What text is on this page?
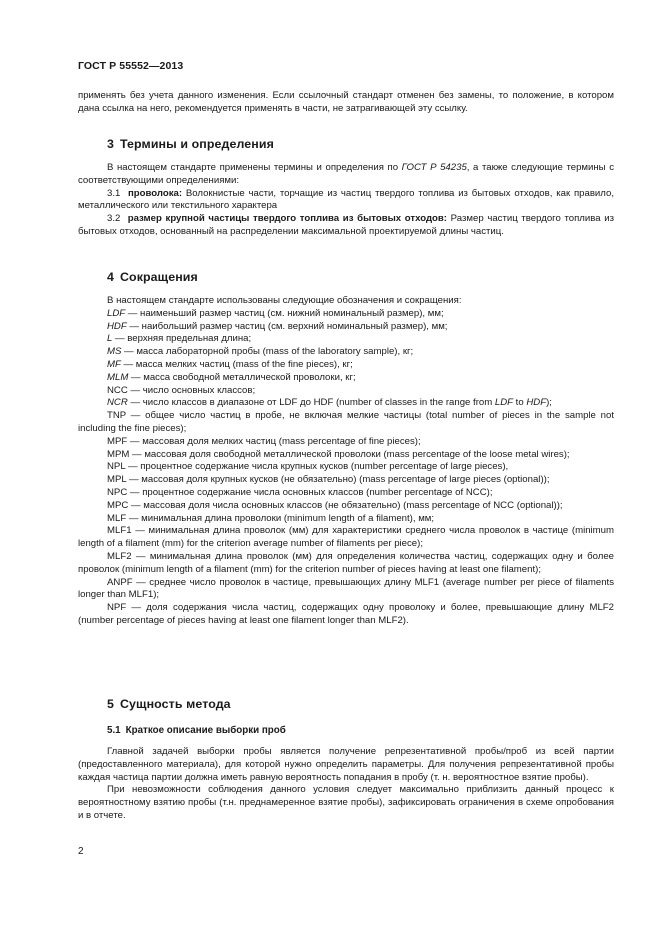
ГОСТ Р 55552—2013

применять без учета данного изменения. Если ссылочный стандарт отменен без замены, то положение, в котором дана ссылка на него, рекомендуется применять в части, не затрагивающей эту ссылку.

3 Термины и определения

В настоящем стандарте применены термины и определения по ГОСТ Р 54235, а также следующие термины с соответствующими определениями:

3.1 проволока: Волокнистые части, торчащие из частиц твердого топлива из бытовых отходов, как правило, металлического или текстильного характера

3.2 размер крупной частицы твердого топлива из бытовых отходов: Размер частиц твердого топлива из бытовых отходов, основанный на распределении максимальной проектируемой длины частиц.

4 Сокращения

В настоящем стандарте использованы следующие обозначения и сокращения:

LDF — наименьший размер частиц (см. нижний номинальный размер), мм;

HDF — наибольший размер частиц (см. верхний номинальный размер), мм;

L — верхняя предельная длина;

MS — масса лабораторной пробы (mass of the laboratory sample), кг;

MF — масса мелких частиц (mass of the fine pieces), кг;

MLM — масса свободной металлической проволоки, кг;

NCC — число основных классов;

NCR — число классов в диапазоне от LDF до HDF (number of classes in the range from LDF to HDF);

TNP — общее число частиц в пробе, не включая мелкие частицы (total number of pieces in the sample not including the fine pieces);

MPF — массовая доля мелких частиц (mass percentage of fine pieces);

MPM — массовая доля свободной металлической проволоки (mass percentage of the loose metal wires);

NPL — процентное содержание числа крупных кусков (number percentage of large pieces),

MPL — массовая доля крупных кусков (не обязательно) (mass percentage of large pieces (optional));

NPC — процентное содержание числа основных классов (number percentage of NCC);

MPC — массовая доля числа основных классов (не обязательно) (mass percentage of NCC (optional));

MLF — минимальная длина проволоки (minimum length of a filament), мм;

MLF1 — минимальная длина проволок (мм) для характеристики среднего числа проволок в частице (minimum length of a filament (mm) for the criterion average number of filaments per piece);

MLF2 — минимальная длина проволок (мм) для определения количества частиц, содержащих одну и более проволок (minimum length of a filament (mm) for the criterion number of pieces having at least one filament);

ANPF — среднее число проволок в частице, превышающих длину MLF1 (average number per piece of filaments longer than MLF1);

NPF — доля содержания числа частиц, содержащих одну проволоку и более, превышающие длину MLF2 (number percentage of pieces having at least one filament longer than MLF2).

5 Сущность метода
5.1 Краткое описание выборки проб

Главной задачей выборки пробы является получение репрезентативной пробы/проб из всей партии (предоставленного материала), для которой нужно определить параметры. Для получения репрезентативной пробы каждая частица партии должна иметь равную вероятность попадания в пробу (т. н. вероятностное взятие пробы).

При невозможности соблюдения данного условия следует максимально приблизить данный процесс к вероятностному взятию пробы (т.н. преднамеренное взятие пробы), зафиксировать ограничения в схеме опробования и в отчете.

2
